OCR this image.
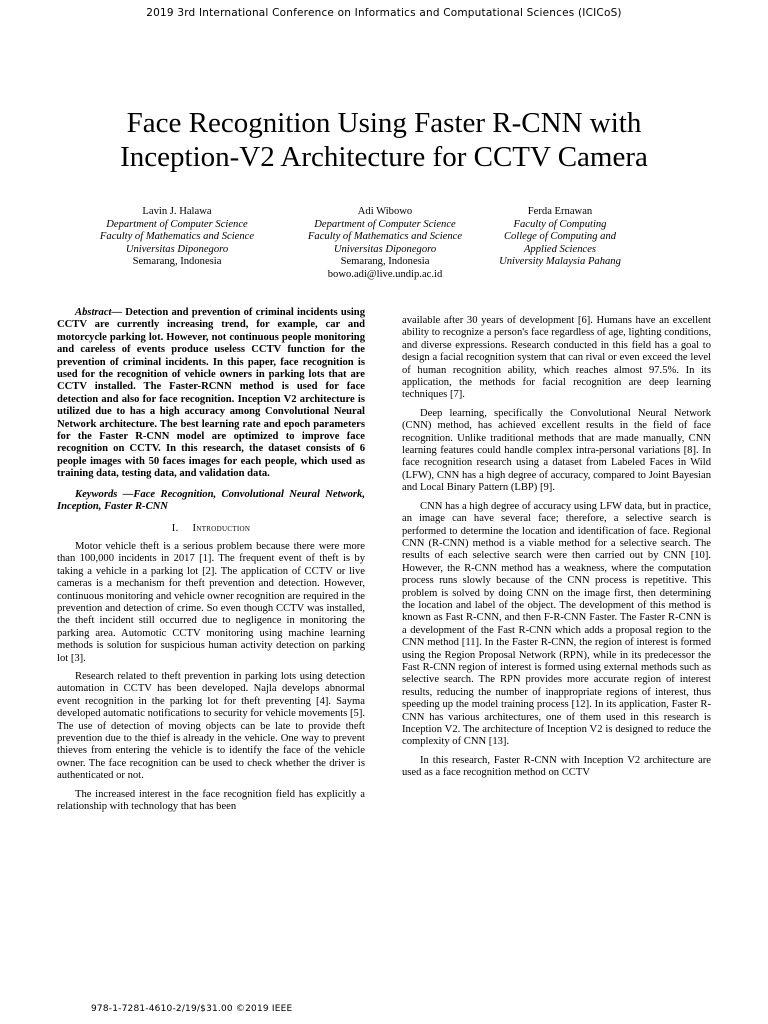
2019 3rd International Conference on Informatics and Computational Sciences (ICICoS)
Face Recognition Using Faster R-CNN with
Inception-V2 Architecture for CCTV Camera
Lavin J. Halawa
Department of Computer Science
Faculty of Mathematics and Science
Universitas Diponegoro
Semarang, Indonesia
Adi Wibowo
Department of Computer Science
Faculty of Mathematics and Science
Universitas Diponegoro
Semarang, Indonesia
bowo.adi@live.undip.ac.id
Ferda Ernawan
Faculty of Computing
College of Computing and
Applied Sciences
University Malaysia Pahang

Abstract— Detection and prevention of criminal incidents using CCTV are currently increasing trend, for example, car and motorcycle parking lot. However, not continuous people monitoring and careless of events produce useless CCTV function for the prevention of criminal incidents. In this paper, face recognition is used for the recognition of vehicle owners in parking lots that are CCTV installed. The Faster-RCNN method is used for face detection and also for face recognition. Inception V2 architecture is utilized due to has a high accuracy among Convolutional Neural Network architecture. The best learning rate and epoch parameters for the Faster R-CNN model are optimized to improve face recognition on CCTV. In this research, the dataset consists of 6 people images with 50 faces images for each people, which used as training data, testing data, and validation data.

Keywords —Face Recognition, Convolutional Neural Network, Inception, Faster R-CNN

I. Introduction

Motor vehicle theft is a serious problem because there were more than 100,000 incidents in 2017 [1]. The frequent event of theft is by taking a vehicle in a parking lot [2]. The application of CCTV or live cameras is a mechanism for theft prevention and detection. However, continuous monitoring and vehicle owner recognition are required in the prevention and detection of crime. So even though CCTV was installed, the theft incident still occurred due to negligence in monitoring the parking area. Automotic CCTV monitoring using machine learning methods is solution for suspicious human activity detection on parking lot [3].

Research related to theft prevention in parking lots using detection automation in CCTV has been developed. Najla develops abnormal event recognition in the parking lot for theft preventing [4]. Sayma developed automatic notifications to security for vehicle movements [5]. The use of detection of moving objects can be late to provide theft prevention due to the thief is already in the vehicle. One way to prevent thieves from entering the vehicle is to identify the face of the vehicle owner. The face recognition can be used to check whether the driver is authenticated or not.

The increased interest in the face recognition field has explicitly a relationship with technology that has been

available after 30 years of development [6]. Humans have an excellent ability to recognize a person's face regardless of age, lighting conditions, and diverse expressions. Research conducted in this field has a goal to design a facial recognition system that can rival or even exceed the level of human recognition ability, which reaches almost 97.5%. In its application, the methods for facial recognition are deep learning techniques [7].

Deep learning, specifically the Convolutional Neural Network (CNN) method, has achieved excellent results in the field of face recognition. Unlike traditional methods that are made manually, CNN learning features could handle complex intra-personal variations [8]. In face recognition research using a dataset from Labeled Faces in Wild (LFW), CNN has a high degree of accuracy, compared to Joint Bayesian and Local Binary Pattern (LBP) [9].

CNN has a high degree of accuracy using LFW data, but in practice, an image can have several face; therefore, a selective search is performed to determine the location and identification of face. Regional CNN (R-CNN) method is a viable method for a selective search. The results of each selective search were then carried out by CNN [10]. However, the R-CNN method has a weakness, where the computation process runs slowly because of the CNN process is repetitive. This problem is solved by doing CNN on the image first, then determining the location and label of the object. The development of this method is known as Fast R-CNN, and then F-R-CNN Faster. The Faster R-CNN is a development of the Fast R-CNN which adds a proposal region to the CNN method [11]. In the Faster R-CNN, the region of interest is formed using the Region Proposal Network (RPN), while in its predecessor the Fast R-CNN region of interest is formed using external methods such as selective search. The RPN provides more accurate region of interest results, reducing the number of inappropriate regions of interest, thus speeding up the model training process [12]. In its application, Faster R-CNN has various architectures, one of them used in this research is Inception V2. The architecture of Inception V2 is designed to reduce the complexity of CNN [13].

In this research, Faster R-CNN with Inception V2 architecture are used as a face recognition method on CCTV

978-1-7281-4610-2/19/$31.00 ©2019 IEEE
